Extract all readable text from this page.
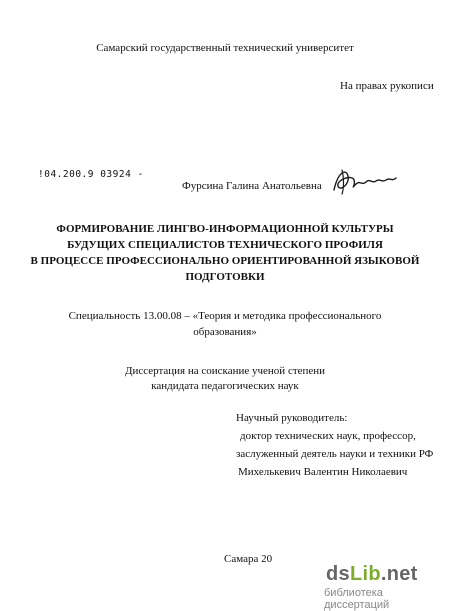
Самарский государственный технический университет
На правах рукописи
!04.200.9 03924 -
Фурсина Галина Анатольевна
ФОРМИРОВАНИЕ ЛИНГВО-ИНФОРМАЦИОННОЙ КУЛЬТУРЫ
БУДУЩИХ СПЕЦИАЛИСТОВ ТЕХНИЧЕСКОГО ПРОФИЛЯ
В ПРОЦЕССЕ ПРОФЕССИОНАЛЬНО ОРИЕНТИРОВАННОЙ ЯЗЫКОВОЙ
ПОДГОТОВКИ
Специальность 13.00.08 – «Теория и методика профессионального
образования»
Диссертация на соискание ученой степени
кандидата педагогических наук
Научный руководитель:
доктор технических наук, профессор,
заслуженный деятель науки и техники РФ
Михелькевич Валентин Николаевич
Самара 20
dsLib.net
библиотека диссертаций
